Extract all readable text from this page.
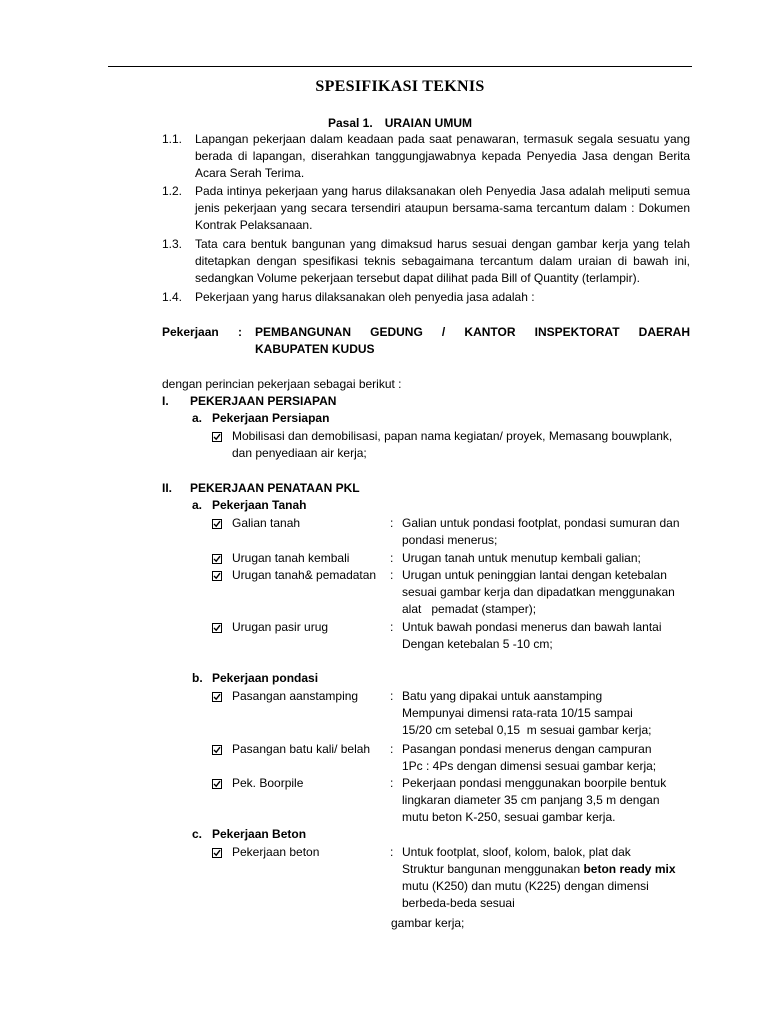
SPESIFIKASI TEKNIS
Pasal 1. URAIAN UMUM
1.1. Lapangan pekerjaan dalam keadaan pada saat penawaran, termasuk segala sesuatu yang berada di lapangan, diserahkan tanggungjawabnya kepada Penyedia Jasa dengan Berita Acara Serah Terima.
1.2. Pada intinya pekerjaan yang harus dilaksanakan oleh Penyedia Jasa adalah meliputi semua jenis pekerjaan yang secara tersendiri ataupun bersama-sama tercantum dalam : Dokumen Kontrak Pelaksanaan.
1.3. Tata cara bentuk bangunan yang dimaksud harus sesuai dengan gambar kerja yang telah ditetapkan dengan spesifikasi teknis sebagaimana tercantum dalam uraian di bawah ini, sedangkan Volume pekerjaan tersebut dapat dilihat pada Bill of Quantity (terlampir).
1.4. Pekerjaan yang harus dilaksanakan oleh penyedia jasa adalah :
Pekerjaan : PEMBANGUNAN GEDUNG / KANTOR INSPEKTORAT DAERAH
KABUPATEN KUDUS
dengan perincian pekerjaan sebagai berikut :
I. PEKERJAAN PERSIAPAN
a. Pekerjaan Persiapan
Mobilisasi dan demobilisasi, papan nama kegiatan/ proyek, Memasang bouwplank,
dan penyediaan air kerja;
II. PEKERJAAN PENATAAN PKL
a. Pekerjaan Tanah
Galian tanah	: Galian untuk pondasi footplat, pondasi sumuran dan
pondasi menerus;
Urugan tanah kembali	: Urugan tanah untuk menutup kembali galian;
Urugan tanah& pemadatan : Urugan untuk peninggian lantai dengan ketebalan
sesuai gambar kerja dan dipadatkan menggunakan
alat   pemadat (stamper);
Urugan pasir urug	: Untuk bawah pondasi menerus dan bawah lantai
Dengan ketebalan 5 -10 cm;
b. Pekerjaan pondasi
Pasangan aanstamping	: Batu yang dipakai untuk aanstamping
Mempunyai dimensi rata-rata 10/15 sampai
15/20 cm setebal 0,15  m sesuai gambar kerja;
Pasangan batu kali/ belah : Pasangan pondasi menerus dengan campuran
1Pc : 4Ps dengan dimensi sesuai gambar kerja;
Pek. Boorpile	: Pekerjaan pondasi menggunakan boorpile bentuk
lingkaran diameter 35 cm panjang 3,5 m dengan
mutu beton K-250, sesuai gambar kerja.
c. Pekerjaan Beton
Pekerjaan beton	: Untuk footplat, sloof, kolom, balok, plat dak
Struktur bangunan menggunakan beton ready mix
mutu (K250) dan mutu (K225) dengan dimensi
berbeda-beda sesuai
gambar kerja;
